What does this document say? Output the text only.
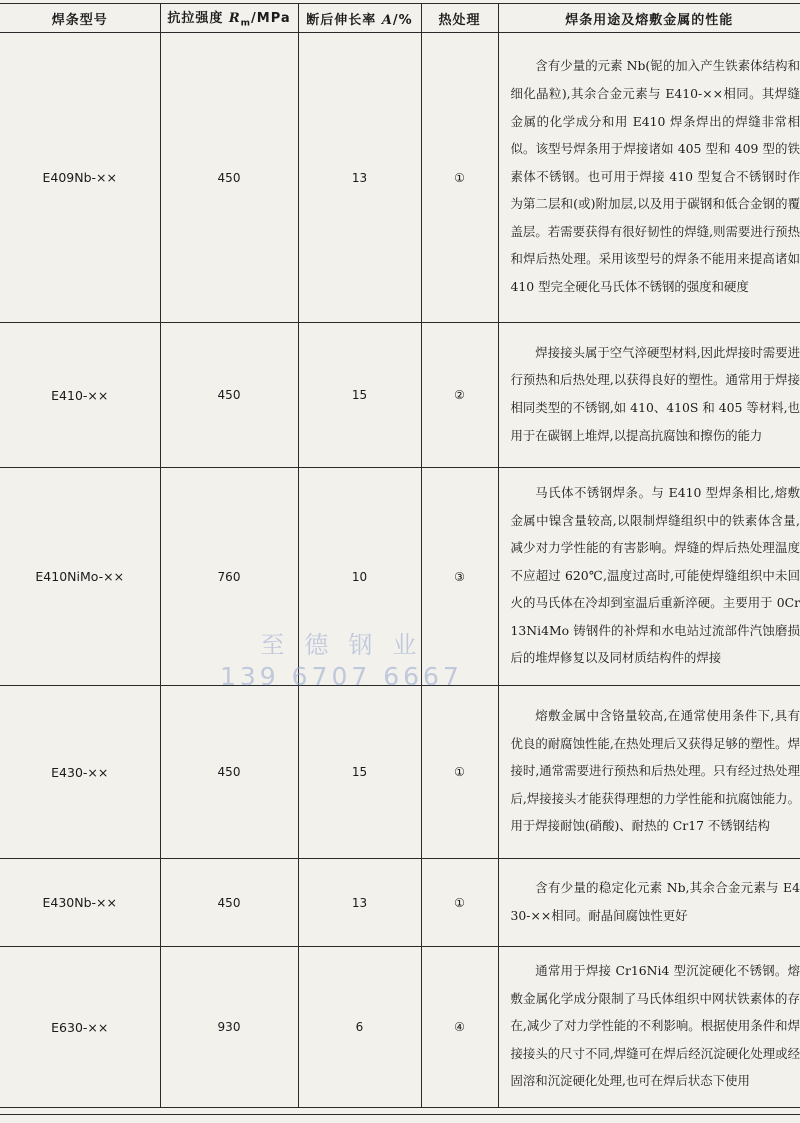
焊条型号	抗拉强度 $R_m$/MPa	断后伸长率 A/%	热处理	焊条用途及熔敷金属的性能
E409Nb-××	450	13	①	含有少量的元素 Nb(铌的加入产生铁素体结构和细化晶粒),其余合金元素与 E410-××相同。其焊缝金属的化学成分和用 E410 焊条焊出的焊缝非常相似。该型号焊条用于焊接诸如 405 型和 409 型的铁素体不锈钢。也可用于焊接 410 型复合不锈钢时作为第二层和(或)附加层,以及用于碳钢和低合金钢的覆盖层。若需要获得有很好韧性的焊缝,则需要进行预热和焊后热处理。采用该型号的焊条不能用来提高诸如 410 型完全硬化马氏体不锈钢的强度和硬度
E410-××	450	15	②	焊接接头属于空气淬硬型材料,因此焊接时需要进行预热和后热处理,以获得良好的塑性。通常用于焊接相同类型的不锈钢,如 410、410S 和 405 等材料,也用于在碳钢上堆焊,以提高抗腐蚀和擦伤的能力
E410NiMo-××	760	10	③	马氏体不锈钢焊条。与 E410 型焊条相比,熔敷金属中镍含量较高,以限制焊缝组织中的铁素体含量,减少对力学性能的有害影响。焊缝的焊后热处理温度不应超过 620℃,温度过高时,可能使焊缝组织中未回火的马氏体在冷却到室温后重新淬硬。主要用于 0Cr13Ni4Mo 铸钢件的补焊和水电站过流部件汽蚀磨损后的堆焊修复以及同材质结构件的焊接
E430-××	450	15	①	熔敷金属中含铬量较高,在通常使用条件下,具有优良的耐腐蚀性能,在热处理后又获得足够的塑性。焊接时,通常需要进行预热和后热处理。只有经过热处理后,焊接接头才能获得理想的力学性能和抗腐蚀能力。用于焊接耐蚀(硝酸)、耐热的 Cr17 不锈钢结构
E430Nb-××	450	13	①	含有少量的稳定化元素 Nb,其余合金元素与 E430-××相同。耐晶间腐蚀性更好
E630-××	930	6	④	通常用于焊接 Cr16Ni4 型沉淀硬化不锈钢。熔敷金属化学成分限制了马氏体组织中网状铁素体的存在,减少了对力学性能的不利影响。根据使用条件和焊接接头的尺寸不同,焊缝可在焊后经沉淀硬化处理或经固溶和沉淀硬化处理,也可在焊后状态下使用
至德钢业
139 6707 6667
